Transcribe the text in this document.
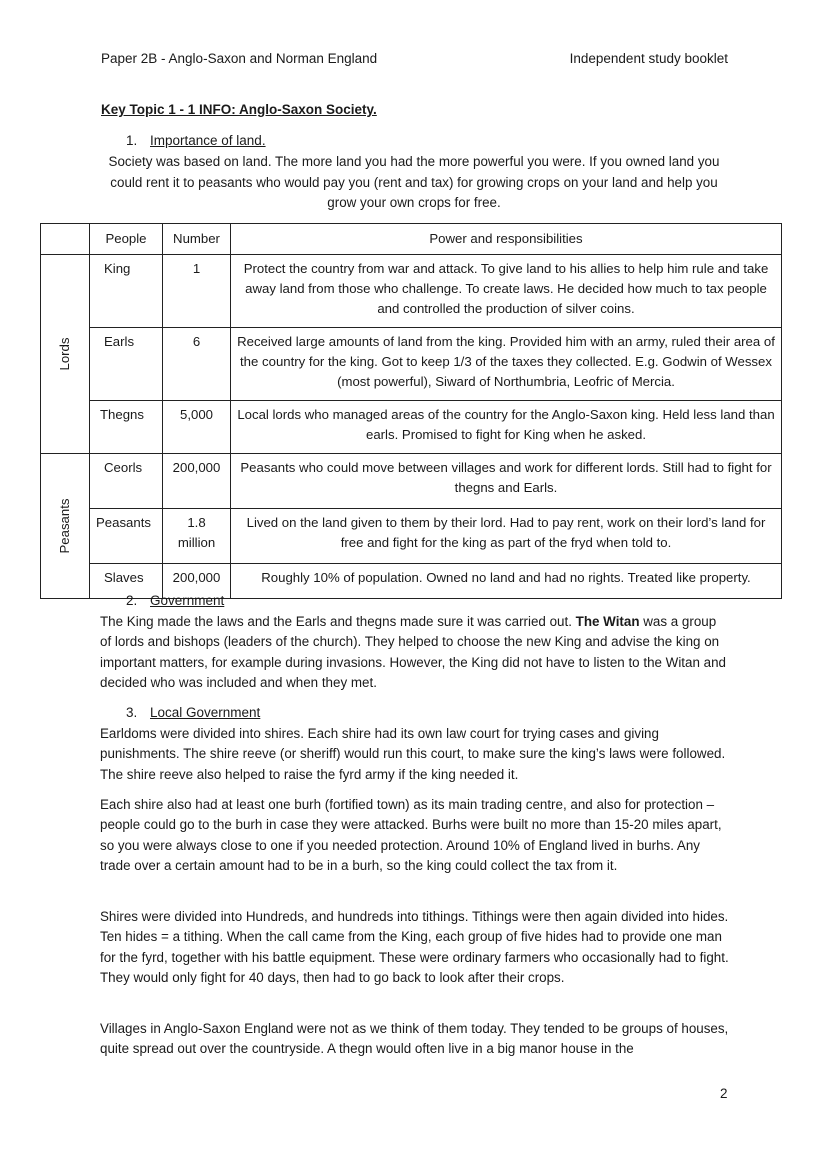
Paper 2B - Anglo-Saxon and Norman England	Independent study booklet
Key Topic 1 - 1 INFO: Anglo-Saxon Society.
1. Importance of land.
Society was based on land. The more land you had the more powerful you were. If you owned land you could rent it to peasants who would pay you (rent and tax) for growing crops on your land and help you grow your own crops for free.
	People	Number	Power and responsibilities

Lords	King	1	Protect the country from war and attack. To give land to his allies to help him rule and take away land from those who challenge. To create laws. He decided how much to tax people and controlled the production of silver coins.
	Earls	6	Received large amounts of land from the king. Provided him with an army, ruled their area of the country for the king. Got to keep 1/3 of the taxes they collected. E.g. Godwin of Wessex (most powerful), Siward of Northumbria, Leofric of Mercia.
	Thegns	5,000	Local lords who managed areas of the country for the Anglo-Saxon king. Held less land than earls. Promised to fight for King when he asked.

Peasants	Ceorls	200,000	Peasants who could move between villages and work for different lords. Still had to fight for thegns and Earls.
	Peasants	1.8 million	Lived on the land given to them by their lord. Had to pay rent, work on their lord’s land for free and fight for the king as part of the fryd when told to.
	Slaves	200,000	Roughly 10% of population. Owned no land and had no rights. Treated like property.
2. Government
The King made the laws and the Earls and thegns made sure it was carried out. The Witan was a group of lords and bishops (leaders of the church). They helped to choose the new King and advise the king on important matters, for example during invasions. However, the King did not have to listen to the Witan and decided who was included and when they met.
3. Local Government
Earldoms were divided into shires. Each shire had its own law court for trying cases and giving punishments. The shire reeve (or sheriff) would run this court, to make sure the king’s laws were followed. The shire reeve also helped to raise the fyrd army if the king needed it.
Each shire also had at least one burh (fortified town) as its main trading centre, and also for protection – people could go to the burh in case they were attacked. Burhs were built no more than 15-20 miles apart, so you were always close to one if you needed protection. Around 10% of England lived in burhs. Any trade over a certain amount had to be in a burh, so the king could collect the tax from it.
Shires were divided into Hundreds, and hundreds into tithings. Tithings were then again divided into hides. Ten hides = a tithing. When the call came from the King, each group of five hides had to provide one man for the fyrd, together with his battle equipment. These were ordinary farmers who occasionally had to fight. They would only fight for 40 days, then had to go back to look after their crops.
Villages in Anglo-Saxon England were not as we think of them today. They tended to be groups of houses, quite spread out over the countryside. A thegn would often live in a big manor house in the
2
